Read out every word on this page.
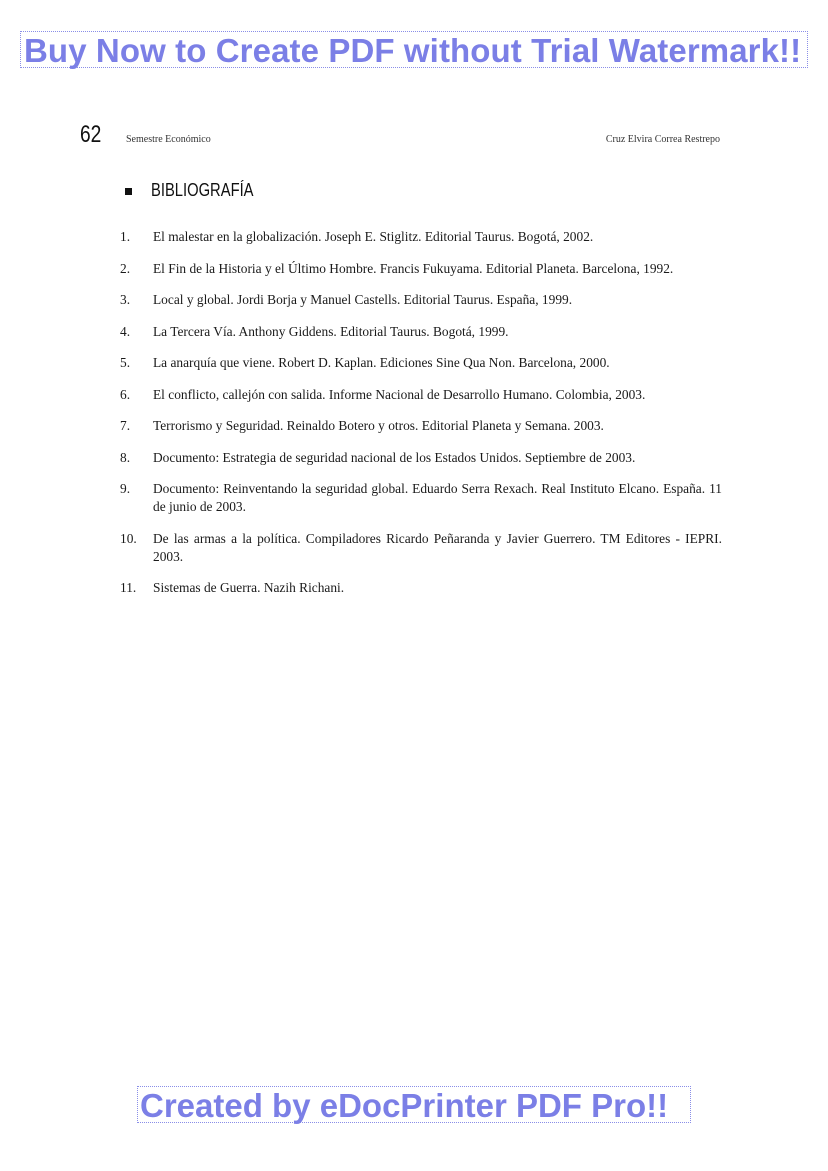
Buy Now to Create PDF without Trial Watermark!!
62 Semestre Económico	Cruz Elvira Correa Restrepo
BIBLIOGRAFÍA
1.	El malestar en la globalización. Joseph E. Stiglitz. Editorial Taurus. Bogotá, 2002.
2.	El Fin de la Historia y el Último Hombre. Francis Fukuyama. Editorial Planeta. Barcelona, 1992.
3.	Local y global. Jordi Borja y Manuel Castells. Editorial Taurus. España, 1999.
4.	La Tercera Vía. Anthony Giddens. Editorial Taurus. Bogotá, 1999.
5.	La anarquía que viene. Robert D. Kaplan. Ediciones Sine Qua Non. Barcelona, 2000.
6.	El conflicto, callejón con salida. Informe Nacional de Desarrollo Humano. Colombia, 2003.
7.	Terrorismo y Seguridad. Reinaldo Botero y otros. Editorial Planeta y Semana. 2003.
8.	Documento: Estrategia de seguridad nacional de los Estados Unidos. Septiembre de 2003.
9.	Documento: Reinventando la seguridad global. Eduardo Serra Rexach. Real Instituto Elcano. España. 11 de junio de 2003.
10.	De las armas a la política. Compiladores Ricardo Peñaranda y Javier Guerrero. TM Editores - IEPRI. 2003.
11.	Sistemas de Guerra. Nazih Richani.
Created by eDocPrinter PDF Pro!!
